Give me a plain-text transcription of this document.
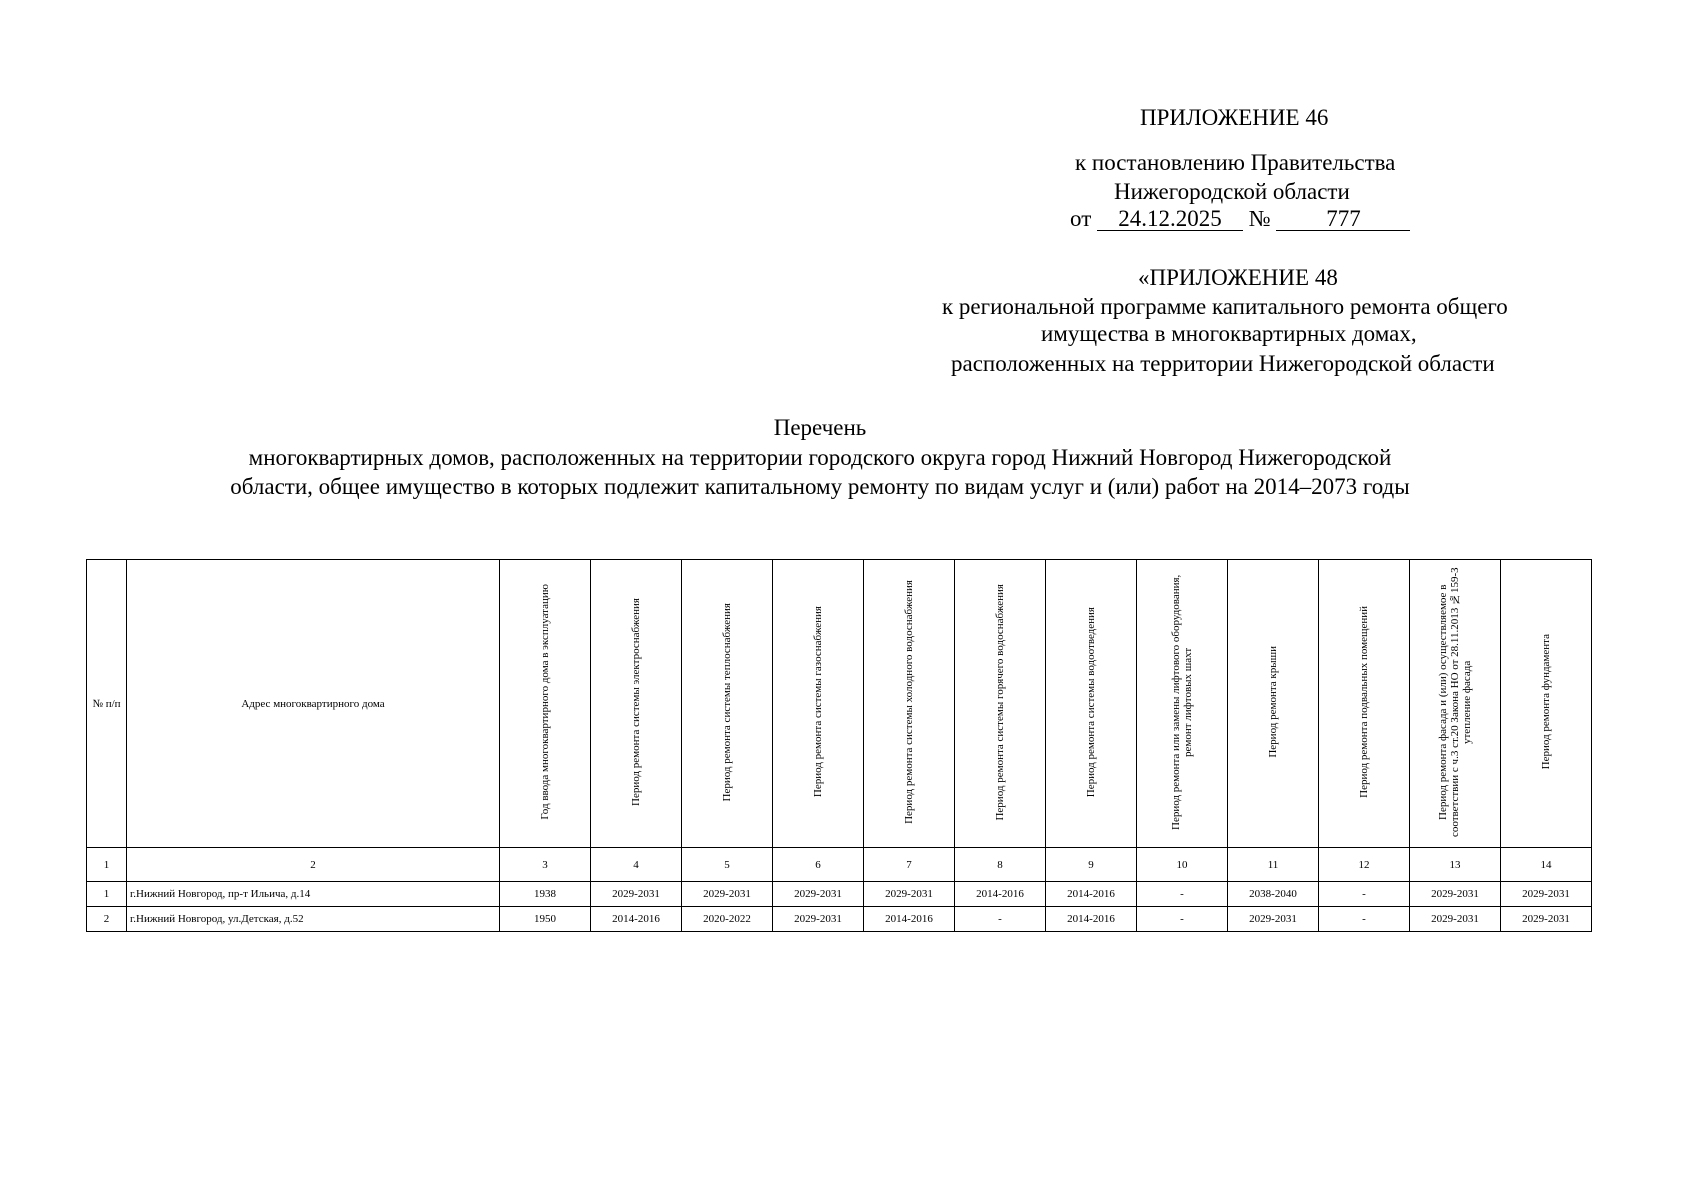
ПРИЛОЖЕНИЕ 46
к постановлению Правительства
Нижегородской области
от 24.12.2025 № 777
«ПРИЛОЖЕНИЕ 48
к региональной программе капитального ремонта общего
имущества в многоквартирных домах,
расположенных на территории Нижегородской области
Перечень
многоквартирных домов, расположенных на территории городского округа город Нижний Новгород Нижегородской
области, общее имущество в которых подлежит капитальному ремонту по видам услуг и (или) работ на 2014–2073 годы
№ п/п	Адрес многоквартирного дома	Год ввода многоквартирного дома в эксплуатацию	Период ремонта системы электроснабжения	Период ремонта системы теплоснабжения	Период ремонта системы газоснабжения	Период ремонта системы холодного водоснабжения	Период ремонта системы горячего водоснабжения	Период ремонта системы водоотведения	Период ремонта или замены лифтового оборудования, ремонт лифтовых шахт	Период ремонта крыши	Период ремонта подвальных помещений	Период ремонта фасада и (или) осуществляемое в соответствии с ч.3 ст.20 Закона НО от 28.11.2013 №159-З утепление фасада	Период ремонта фундамента
1	2	3	4	5	6	7	8	9	10	11	12	13	14
1	г.Нижний Новгород, пр-т Ильича, д.14	1938	2029-2031	2029-2031	2029-2031	2029-2031	2014-2016	2014-2016	-	2038-2040	-	2029-2031	2029-2031
2	г.Нижний Новгород, ул.Детская, д.52	1950	2014-2016	2020-2022	2029-2031	2014-2016	-	2014-2016	-	2029-2031	-	2029-2031	2029-2031
